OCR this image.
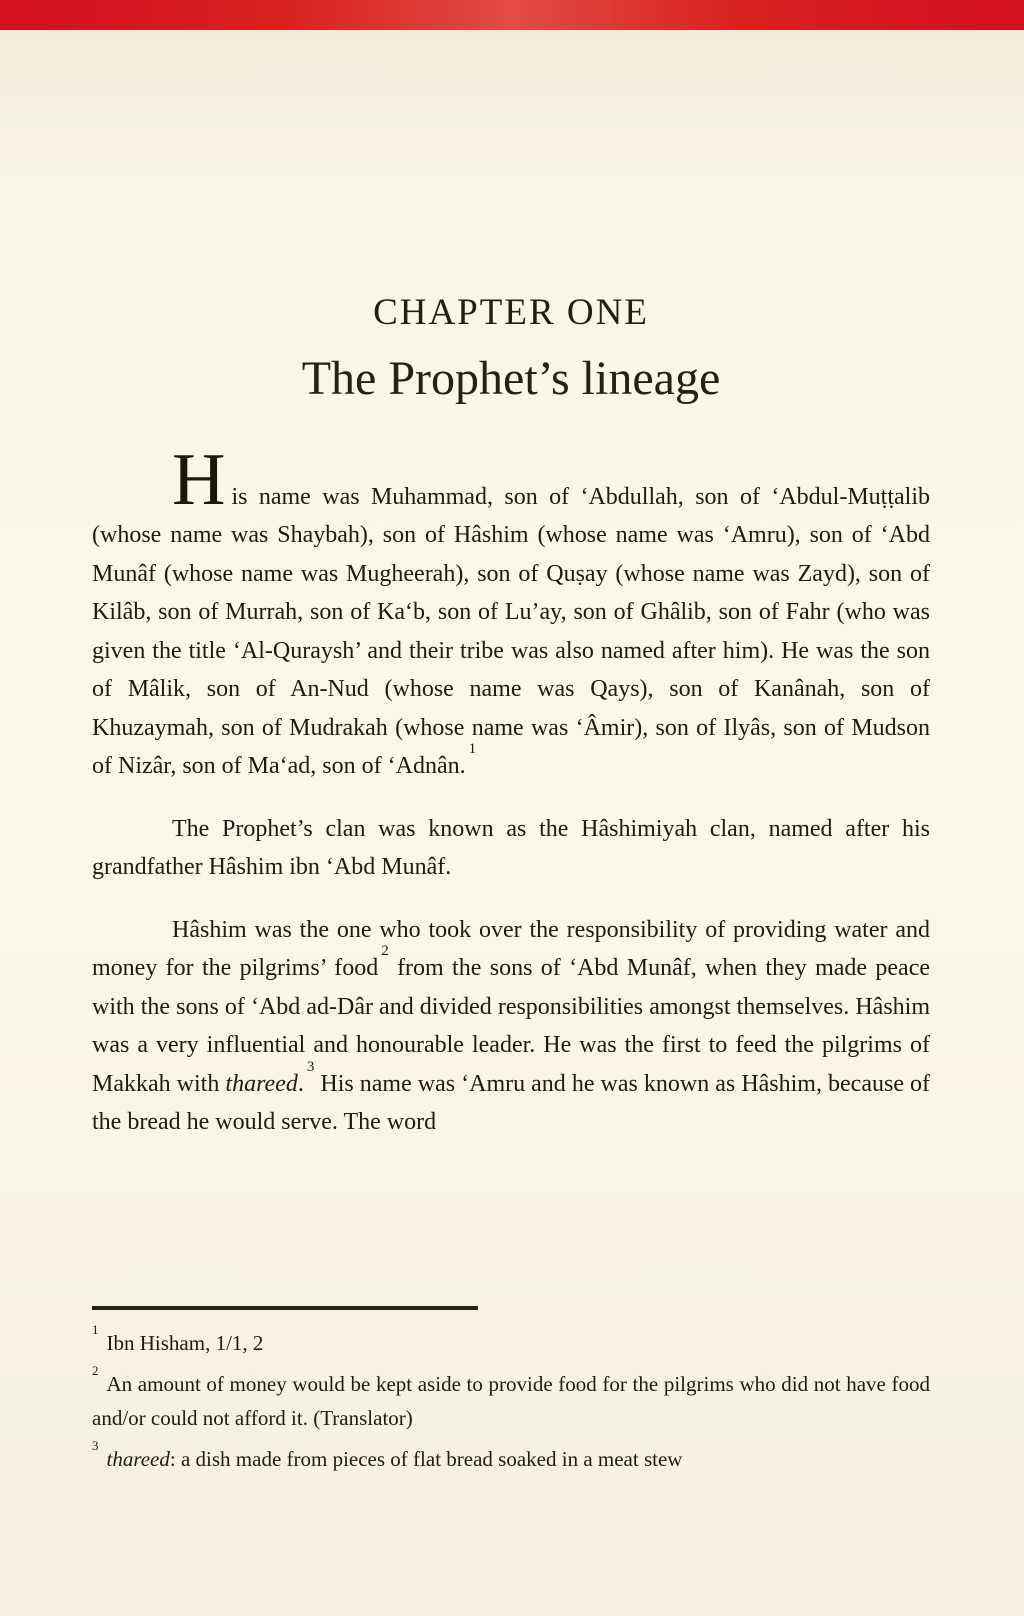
CHAPTER ONE
The Prophet’s lineage

His name was Muhammad, son of ‘Abdullah, son of ‘Abdul-Muṭṭalib (whose name was Shaybah), son of Hâshim (whose name was ‘Amru), son of ‘Abd Munâf (whose name was Mugheerah), son of Quṣay (whose name was Zayd), son of Kilâb, son of Murrah, son of Ka‘b, son of Lu’ay, son of Ghâlib, son of Fahr (who was given the title ‘Al-Quraysh’ and their tribe was also named after him). He was the son of Mâlik, son of An-Nud (whose name was Qays), son of Kanânah, son of Khuzaymah, son of Mudrakah (whose name was ‘Âmir), son of Ilyâs, son of Mudson of Nizâr, son of Ma‘ad, son of ‘Adnân.$^1$

The Prophet’s clan was known as the Hâshimiyah clan, named after his grandfather Hâshim ibn ‘Abd Munâf.

Hâshim was the one who took over the responsibility of providing water and money for the pilgrims’ food$^2$ from the sons of ‘Abd Munâf, when they made peace with the sons of ‘Abd ad-Dâr and divided responsibilities amongst themselves. Hâshim was a very influential and honourable leader. He was the first to feed the pilgrims of Makkah with thareed.$^3$ His name was ‘Amru and he was known as Hâshim, because of the bread he would serve. The word

$^1$Ibn Hisham, 1/1, 2

$^2$An amount of money would be kept aside to provide food for the pilgrims who did not have food and/or could not afford it. (Translator)

$^3$thareed: a dish made from pieces of flat bread soaked in a meat stew
